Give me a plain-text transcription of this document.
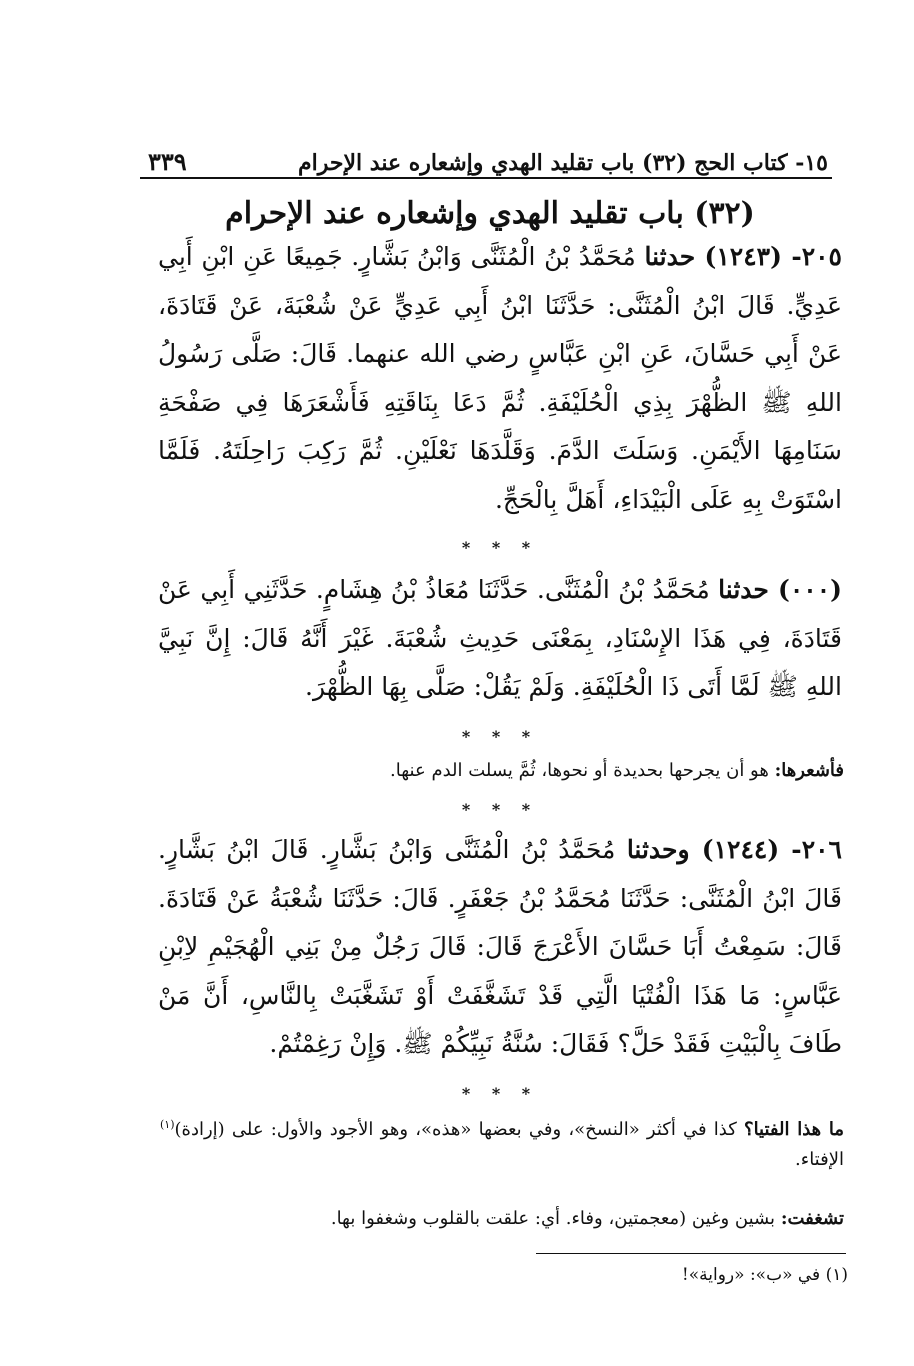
١٥- كتاب الحج (٣٢) باب تقليد الهدي وإشعاره عند الإحرام
٣٣٩
(٣٢) باب تقليد الهدي وإشعاره عند الإحرام
٢٠٥- (١٢٤٣) حدثنا مُحَمَّدُ بْنُ الْمُثَنَّى وَابْنُ بَشَّارٍ. جَمِيعًا عَنِ ابْنِ أَبِي عَدِيٍّ. قَالَ ابْنُ الْمُثَنَّى: حَدَّثَنَا ابْنُ أَبِي عَدِيٍّ عَنْ شُعْبَةَ، عَنْ قَتَادَةَ، عَنْ أَبِي حَسَّانَ، عَنِ ابْنِ عَبَّاسٍ رضي الله عنهما. قَالَ: صَلَّى رَسُولُ اللهِ ﷺ الظُّهْرَ بِذِي الْحُلَيْفَةِ. ثُمَّ دَعَا بِنَاقَتِهِ فَأَشْعَرَهَا فِي صَفْحَةِ سَنَامِهَا الأَيْمَنِ. وَسَلَتَ الدَّمَ. وَقَلَّدَهَا نَعْلَيْنِ. ثُمَّ رَكِبَ رَاحِلَتَهُ. فَلَمَّا اسْتَوَتْ بِهِ عَلَى الْبَيْدَاءِ، أَهَلَّ بِالْحَجِّ.
* * *
(٠٠٠) حدثنا مُحَمَّدُ بْنُ الْمُثَنَّى. حَدَّثَنَا مُعَاذُ بْنُ هِشَامٍ. حَدَّثَنِي أَبِي عَنْ قَتَادَةَ، فِي هَذَا الإِسْنَادِ، بِمَعْنَى حَدِيثِ شُعْبَةَ. غَيْرَ أَنَّهُ قَالَ: إِنَّ نَبِيَّ اللهِ ﷺ لَمَّا أَتَى ذَا الْحُلَيْفَةِ. وَلَمْ يَقُلْ: صَلَّى بِهَا الظُّهْرَ.
* * *
فأشعرها: هو أن يجرحها بحديدة أو نحوها، ثُمَّ يسلت الدم عنها.
* * *
٢٠٦- (١٢٤٤) وحدثنا مُحَمَّدُ بْنُ الْمُثَنَّى وَابْنُ بَشَّارٍ. قَالَ ابْنُ بَشَّارٍ. قَالَ ابْنُ الْمُثَنَّى: حَدَّثَنَا مُحَمَّدُ بْنُ جَعْفَرٍ. قَالَ: حَدَّثَنَا شُعْبَةُ عَنْ قَتَادَةَ. قَالَ: سَمِعْتُ أَبَا حَسَّانَ الأَعْرَجَ قَالَ: قَالَ رَجُلٌ مِنْ بَنِي الْهُجَيْمِ لاِبْنِ عَبَّاسٍ: مَا هَذَا الْفُتْيَا الَّتِي قَدْ تَشَغَّفَتْ أَوْ تَشَغَّبَتْ بِالنَّاسِ، أَنَّ مَنْ طَافَ بِالْبَيْتِ فَقَدْ حَلَّ؟ فَقَالَ: سُنَّةُ نَبِيِّكُمْ ﷺ. وَإِنْ رَغِمْتُمْ.
* * *
ما هذا الفتيا؟ كذا في أكثر «النسخ»، وفي بعضها «هذه»، وهو الأجود والأول: على (إرادة)$^{(١)}$ الإفتاء.
تشغفت: بشين وغين (معجمتين، وفاء. أي: علقت بالقلوب وشغفوا بها.
(١) في «ب»: «رواية»!
